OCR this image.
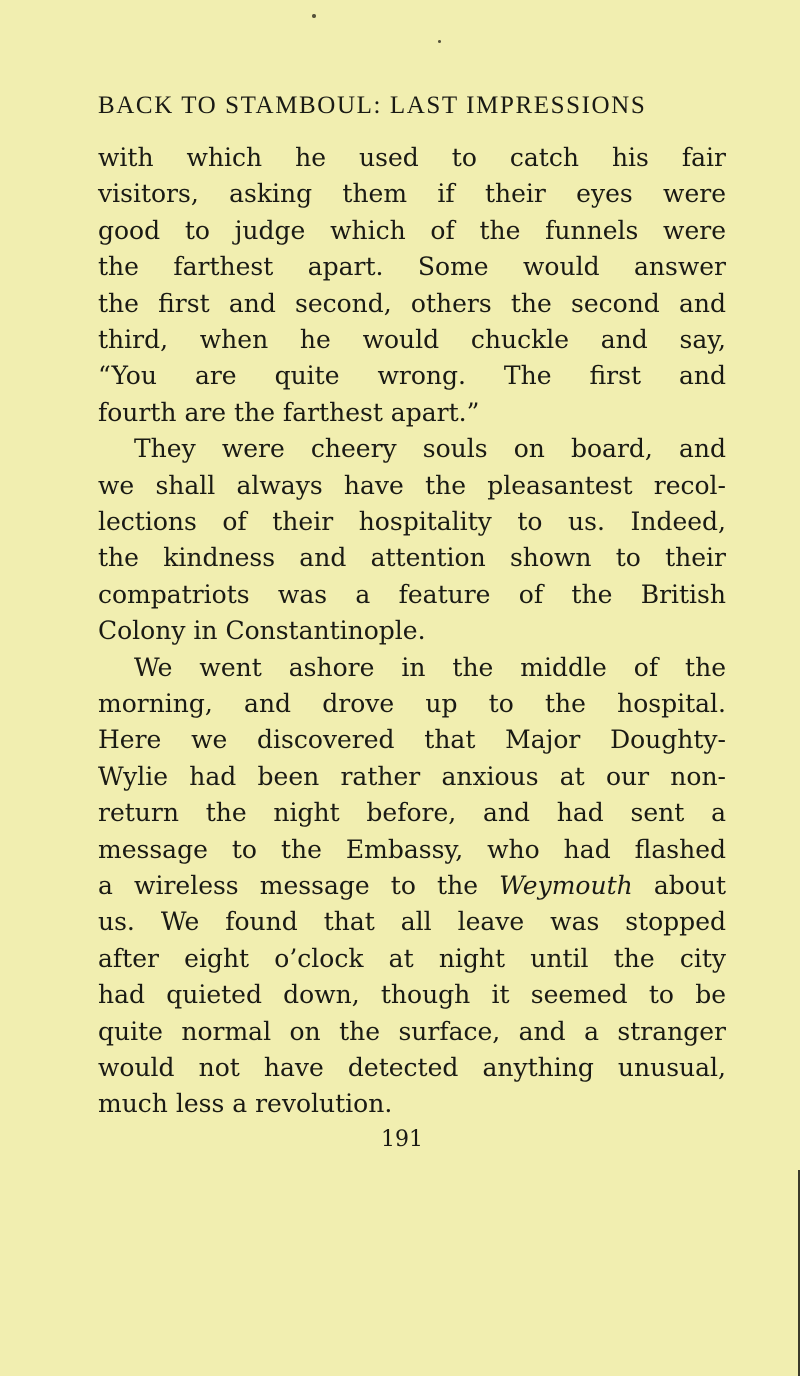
BACK TO STAMBOUL: LAST IMPRESSIONS
with which he used to catch his fair
visitors, asking them if their eyes were
good to judge which of the funnels were
the farthest apart. Some would answer
the first and second, others the second and
third, when he would chuckle and say,
“You are quite wrong. The first and
fourth are the farthest apart.”
They were cheery souls on board, and
we shall always have the pleasantest recol-
lections of their hospitality to us. Indeed,
the kindness and attention shown to their
compatriots was a feature of the British
Colony in Constantinople.
We went ashore in the middle of the
morning, and drove up to the hospital.
Here we discovered that Major Doughty-
Wylie had been rather anxious at our non-
return the night before, and had sent a
message to the Embassy, who had flashed
a wireless message to the Weymouth about
us. We found that all leave was stopped
after eight o’clock at night until the city
had quieted down, though it seemed to be
quite normal on the surface, and a stranger
would not have detected anything unusual,
much less a revolution.
191
